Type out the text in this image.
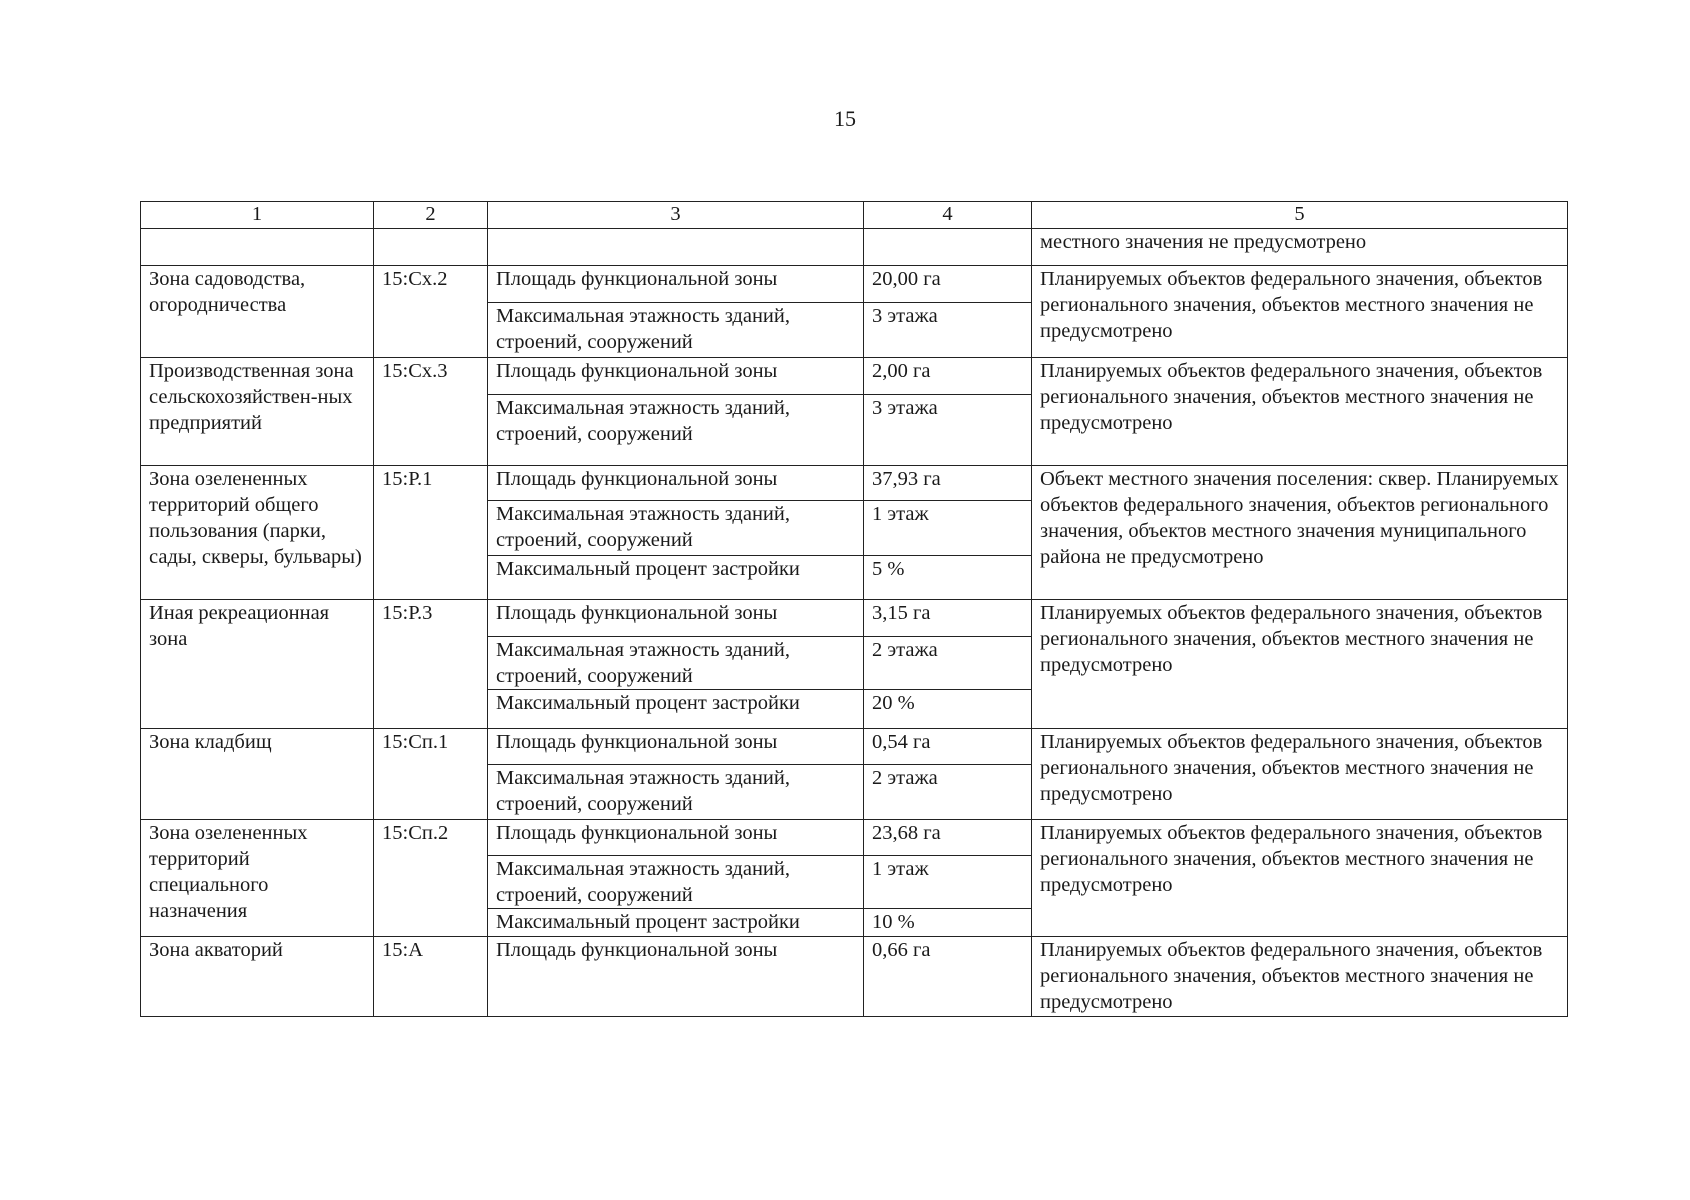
15
1	2	3	4	5
				местного значения не предусмотрено
Зона садоводства, огородничества	15:Сх.2	Площадь функциональной зоны	20,00 га	Планируемых объектов федерального значения, объектов регионального значения, объектов местного значения не предусмотрено
		Максимальная этажность зданий, строений, сооружений	3 этажа	
Производственная зона сельскохозяйствен-ных предприятий	15:Сх.3	Площадь функциональной зоны	2,00 га	Планируемых объектов федерального значения, объектов регионального значения, объектов местного значения не предусмотрено
		Максимальная этажность зданий, строений, сооружений	3 этажа	
Зона озелененных территорий общего пользования (парки, сады, скверы, бульвары)	15:Р.1	Площадь функциональной зоны	37,93 га	Объект местного значения поселения: сквер. Планируемых объектов федерального значения, объектов регионального значения, объектов местного значения муниципального района не предусмотрено
		Максимальная этажность зданий, строений, сооружений	1 этаж	
		Максимальный процент застройки	5 %	
Иная рекреационная зона	15:Р.3	Площадь функциональной зоны	3,15 га	Планируемых объектов федерального значения, объектов регионального значения, объектов местного значения не предусмотрено
		Максимальная этажность зданий, строений, сооружений	2 этажа	
		Максимальный процент застройки	20 %	
Зона кладбищ	15:Сп.1	Площадь функциональной зоны	0,54 га	Планируемых объектов федерального значения, объектов регионального значения, объектов местного значения не предусмотрено
		Максимальная этажность зданий, строений, сооружений	2 этажа	
Зона озелененных территорий специального назначения	15:Сп.2	Площадь функциональной зоны	23,68 га	Планируемых объектов федерального значения, объектов регионального значения, объектов местного значения не предусмотрено
		Максимальная этажность зданий, строений, сооружений	1 этаж	
		Максимальный процент застройки	10 %	
Зона акваторий	15:А	Площадь функциональной зоны	0,66 га	Планируемых объектов федерального значения, объектов регионального значения, объектов местного значения не предусмотрено
